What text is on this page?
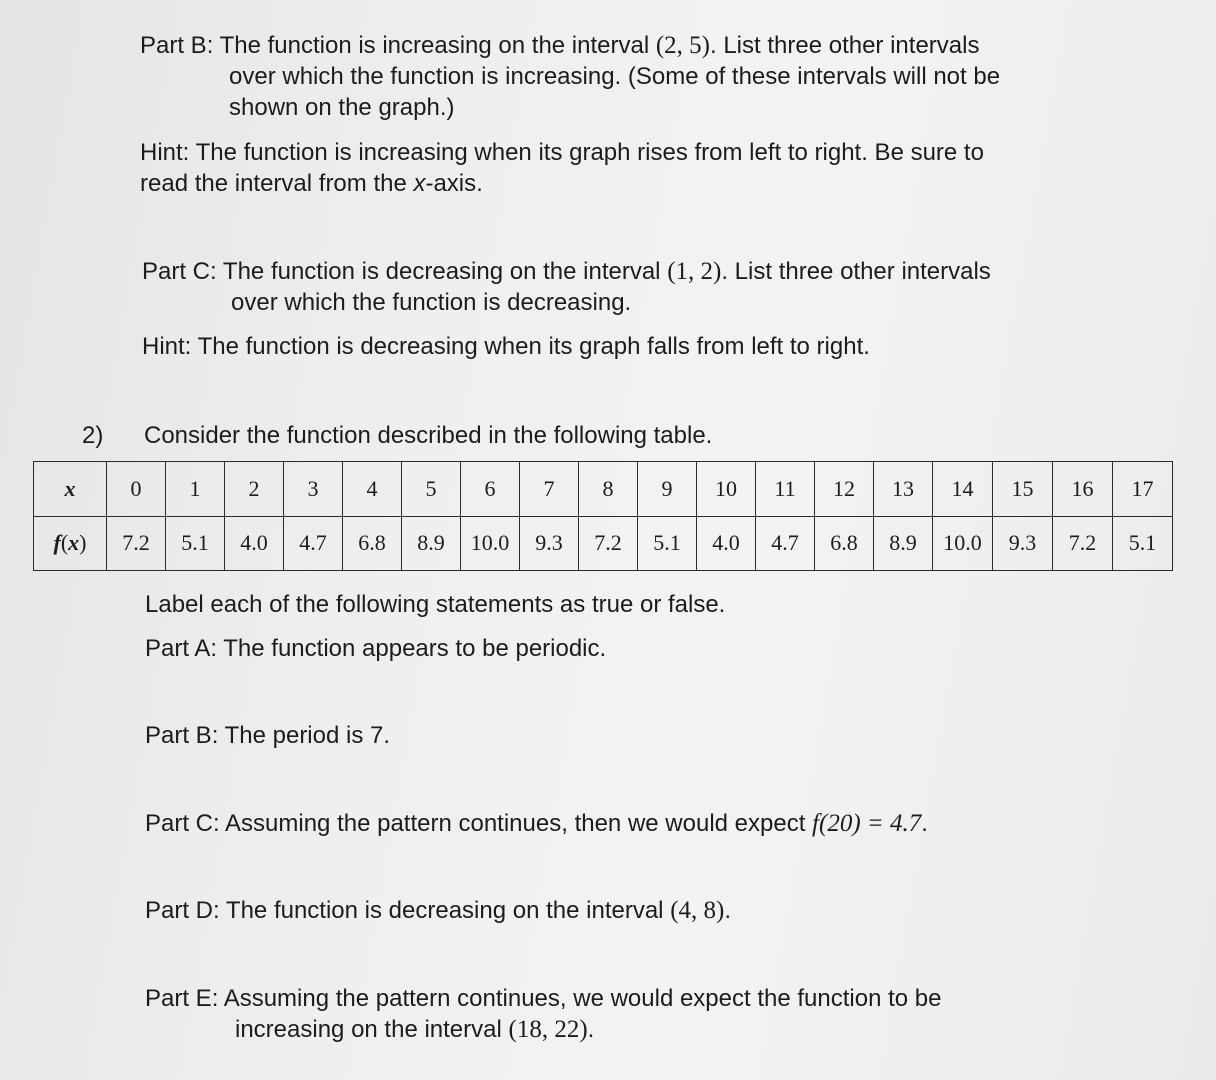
Part B: The function is increasing on the interval (2, 5). List three other intervals
over which the function is increasing. (Some of these intervals will not be
shown on the graph.)
Hint: The function is increasing when its graph rises from left to right. Be sure to
read the interval from the x-axis.
Part C: The function is decreasing on the interval (1, 2). List three other intervals
over which the function is decreasing.
Hint: The function is decreasing when its graph falls from left to right.
2) Consider the function described in the following table.
x	0	1	2	3	4	5	6	7	8	9	10	11	12	13	14	15	16	17
f(x)	7.2	5.1	4.0	4.7	6.8	8.9	10.0	9.3	7.2	5.1	4.0	4.7	6.8	8.9	10.0	9.3	7.2	5.1
Label each of the following statements as true or false.
Part A: The function appears to be periodic.
Part B: The period is 7.
Part C: Assuming the pattern continues, then we would expect f(20) = 4.7.
Part D: The function is decreasing on the interval (4, 8).
Part E: Assuming the pattern continues, we would expect the function to be
increasing on the interval (18, 22).
